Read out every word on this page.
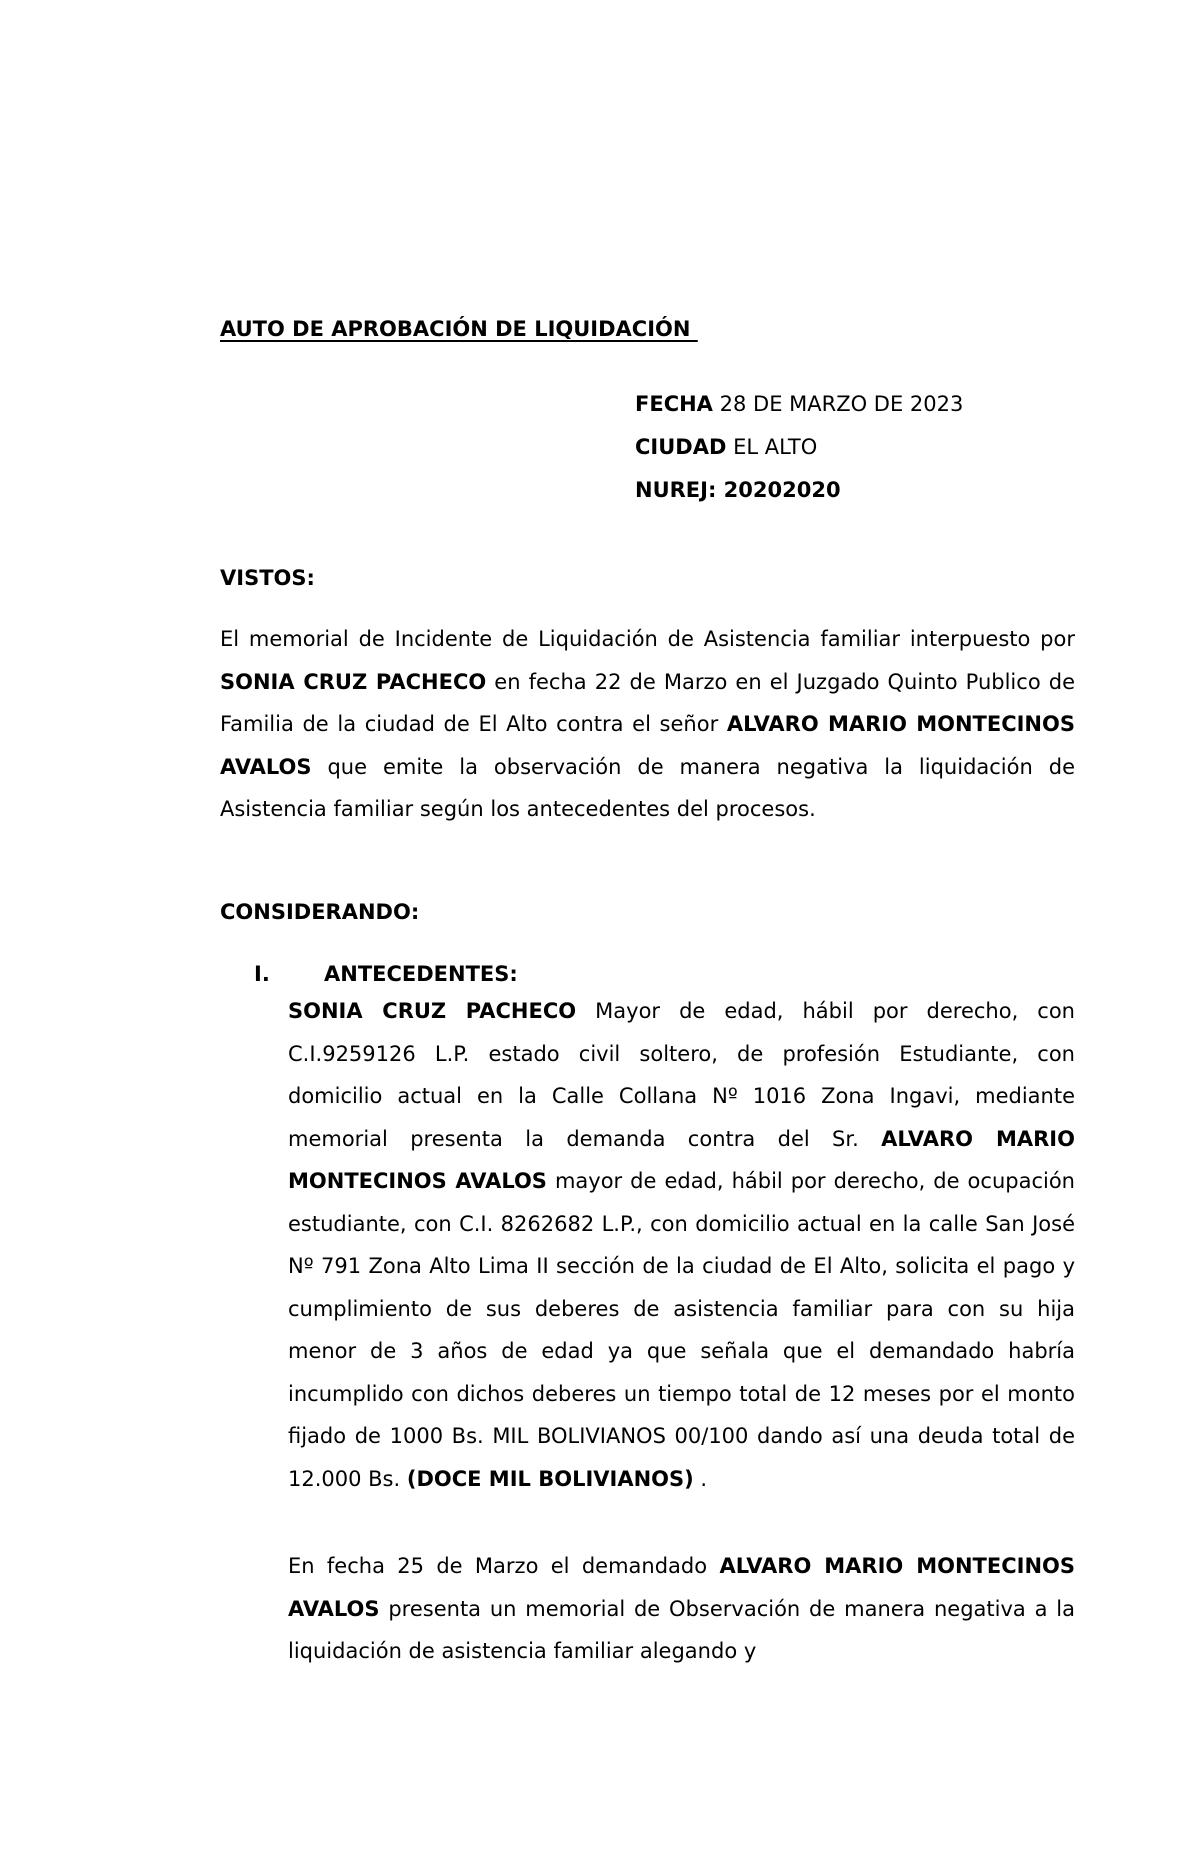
AUTO DE APROBACIÓN DE LIQUIDACIÓN
FECHA 28 DE MARZO DE 2023
CIUDAD EL ALTO
NUREJ: 20202020
VISTOS:
El memorial de Incidente de Liquidación de Asistencia familiar interpuesto por SONIA CRUZ PACHECO en fecha 22 de Marzo en el Juzgado Quinto Publico de Familia de la ciudad de El Alto contra el señor ALVARO MARIO MONTECINOS AVALOS que emite la observación de manera negativa la liquidación de Asistencia familiar según los antecedentes del procesos.
CONSIDERANDO:
I.	ANTECEDENTES:
SONIA CRUZ PACHECO Mayor de edad, hábil por derecho, con C.I.9259126 L.P. estado civil soltero, de profesión Estudiante, con domicilio actual en la Calle Collana Nº 1016 Zona Ingavi, mediante memorial presenta la demanda contra del Sr. ALVARO MARIO MONTECINOS AVALOS mayor de edad, hábil por derecho, de ocupación estudiante, con C.I. 8262682 L.P., con domicilio actual en la calle San José Nº 791 Zona Alto Lima II sección de la ciudad de El Alto, solicita el pago y cumplimiento de sus deberes de asistencia familiar para con su hija menor de 3 años de edad ya que señala que el demandado habría incumplido con dichos deberes un tiempo total de 12 meses por el monto fijado de 1000 Bs. MIL BOLIVIANOS 00/100 dando así una deuda total de 12.000 Bs. (DOCE MIL BOLIVIANOS) .
En fecha 25 de Marzo el demandado ALVARO MARIO MONTECINOS AVALOS presenta un memorial de Observación de manera negativa a la liquidación de asistencia familiar alegando y
